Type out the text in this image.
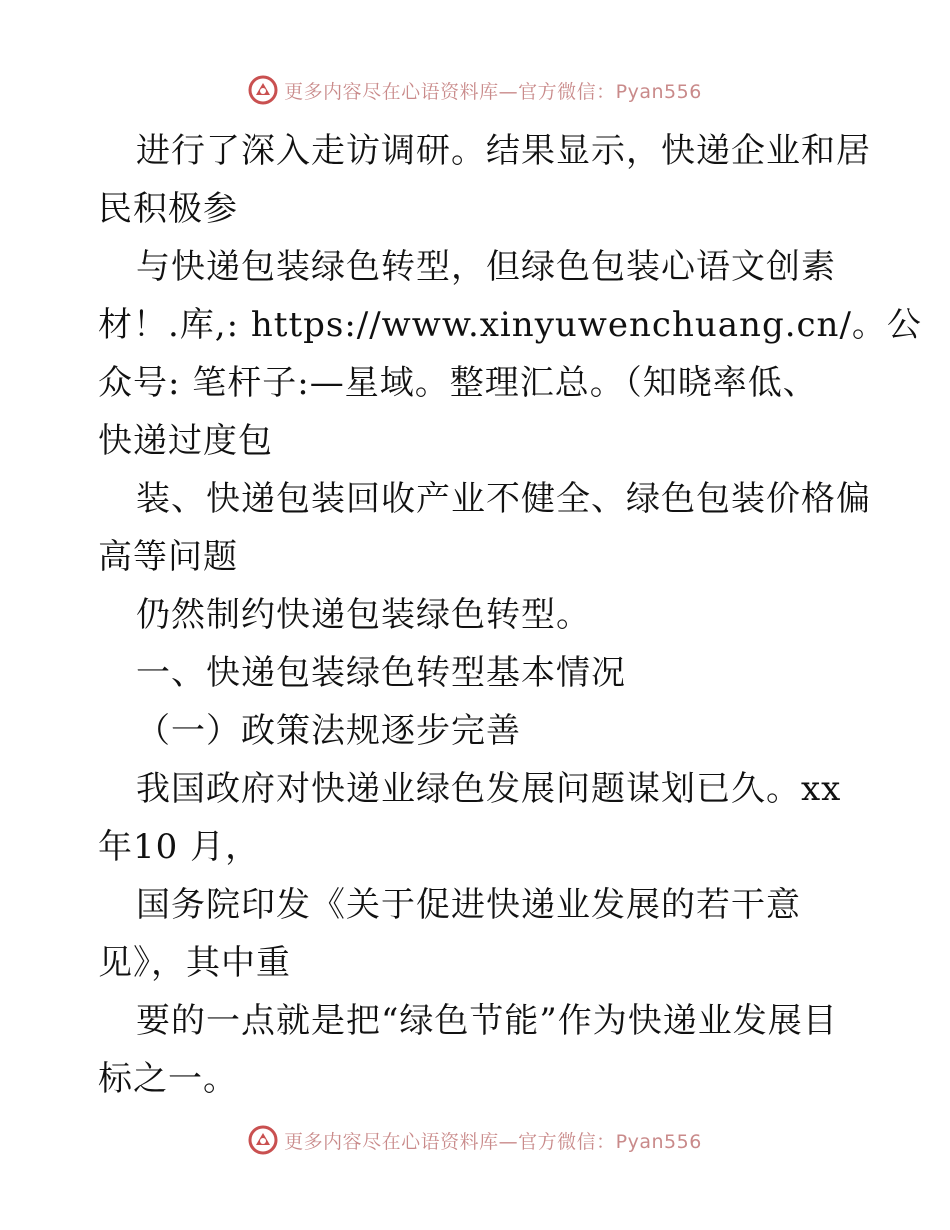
更多内容尽在心语资料库—官方微信：Pyan556
进行了深入走访调研。结果显示，快递企业和居
民积极参
与快递包装绿色转型，但绿色包装心语文创素
材！.库,: https://www.xinyuwenchuang.cn/。公
众号: 笔杆子:—星域。整理汇总。（知晓率低、
快递过度包
装、快递包装回收产业不健全、绿色包装价格偏
高等问题
仍然制约快递包装绿色转型。
一、快递包装绿色转型基本情况
（一）政策法规逐步完善
我国政府对快递业绿色发展问题谋划已久。xx
年10 月，
国务院印发《关于促进快递业发展的若干意
见》，其中重
要的一点就是把“绿色节能”作为快递业发展目
标之一。
更多内容尽在心语资料库—官方微信：Pyan556
